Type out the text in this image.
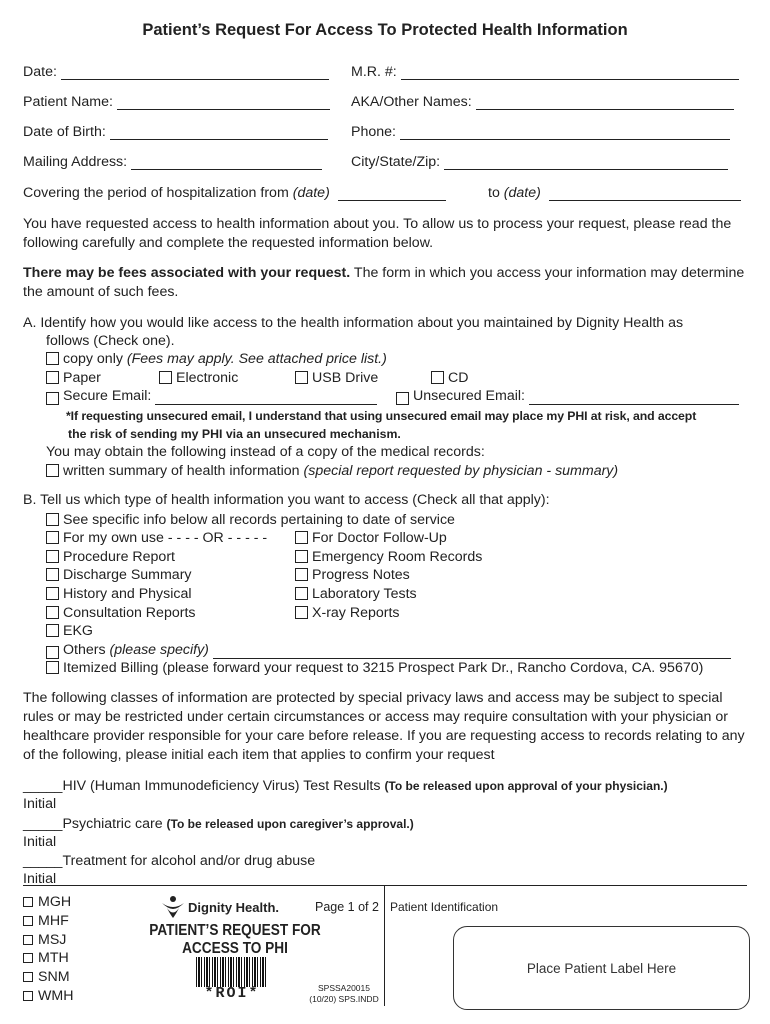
Patient’s Request For Access To Protected Health Information
Date:	M.R. #:
Patient Name:	AKA/Other Names:
Date of Birth:	Phone:
Mailing Address:	City/State/Zip:
Covering the period of hospitalization from
(date)	to
(date)
You have requested access to health information about you. To allow us to process your request, please read the following carefully and complete the requested information below.
There may be fees associated with your request. The form in which you access your information may determine the amount of such fees.
A. Identify how you would like access to the health information about you maintained by Dignity Health as
follows (Check one).
copy only (Fees may apply. See attached price list.)
Paper	Electronic	USB Drive	CD
Secure Email:	Unsecured Email:
*If requesting unsecured email, I understand that using unsecured email may place my PHI at risk, and accept
the risk of sending my PHI via an unsecured mechanism.
You may obtain the following instead of a copy of the medical records:
written summary of health information (special report requested by physician - summary)
B. Tell us which type of health information you want to access (Check all that apply):
See specific info below all records pertaining to date of service
For my own use - - - - OR - - - - -	For Doctor Follow-Up
Procedure Report	Emergency Room Records
Discharge Summary	Progress Notes
History and Physical	Laboratory Tests
Consultation Reports	X-ray Reports
EKG
Others
(please specify)
Itemized Billing (please forward your request to 3215 Prospect Park Dr., Rancho Cordova, CA. 95670)
The following classes of information are protected by special privacy laws and access may be subject to special rules or may be restricted under certain circumstances or access may require consultation with your physician or healthcare provider responsible for your care before release. If you are requesting access to records relating to any of the following, please initial each item that applies to confirm your request
_____HIV (Human Immunodeficiency Virus) Test Results (To be released upon approval of your physician.)
Initial
_____Psychiatric care (To be released upon caregiver’s approval.)
Initial
_____Treatment for alcohol and/or drug abuse
Initial
MGH
MHF
MSJ
MTH
SNM
WMH
Dignity Health.	Page 1 of 2
PATIENT’S REQUEST FOR
ACCESS TO PHI
*ROI*	SPSSA20015
(10/20) SPS.INDD
Patient Identification
Place Patient Label Here
